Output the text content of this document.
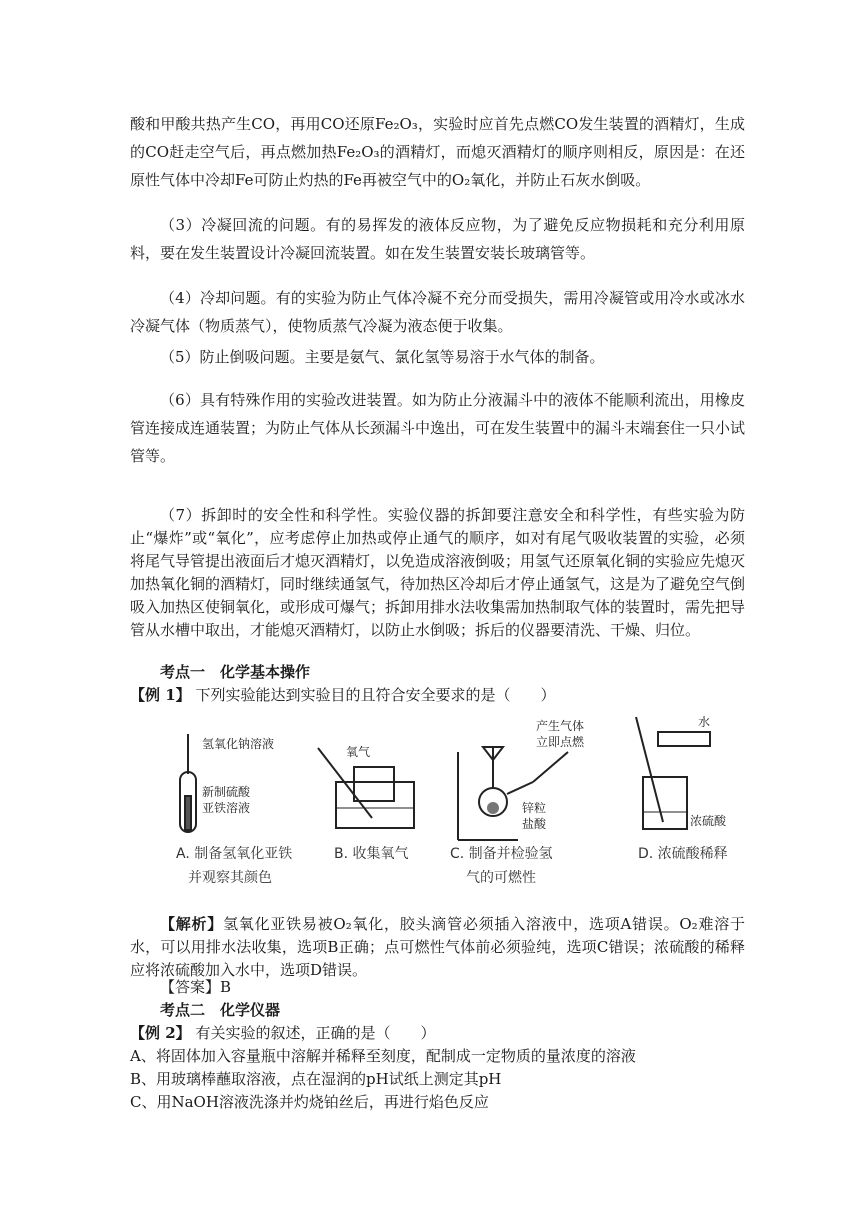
酸和甲酸共热产生CO，再用CO还原Fe₂O₃，实验时应首先点燃CO发生装置的酒精灯，生成的CO赶走空气后，再点燃加热Fe₂O₃的酒精灯，而熄灭酒精灯的顺序则相反，原因是：在还原性气体中冷却Fe可防止灼热的Fe再被空气中的O₂氧化，并防止石灰水倒吸。

（3）冷凝回流的问题。有的易挥发的液体反应物，为了避免反应物损耗和充分利用原料，要在发生装置设计冷凝回流装置。如在发生装置安装长玻璃管等。

（4）冷却问题。有的实验为防止气体冷凝不充分而受损失，需用冷凝管或用冷水或冰水冷凝气体（物质蒸气），使物质蒸气冷凝为液态便于收集。

（5）防止倒吸问题。主要是氨气、氯化氢等易溶于水气体的制备。

（6）具有特殊作用的实验改进装置。如为防止分液漏斗中的液体不能顺利流出，用橡皮管连接成连通装置；为防止气体从长颈漏斗中逸出，可在发生装置中的漏斗末端套住一只小试管等。

（7）拆卸时的安全性和科学性。实验仪器的拆卸要注意安全和科学性，有些实验为防止“爆炸”或“氧化”，应考虑停止加热或停止通气的顺序，如对有尾气吸收装置的实验，必须将尾气导管提出液面后才熄灭酒精灯，以免造成溶液倒吸；用氢气还原氧化铜的实验应先熄灭加热氧化铜的酒精灯，同时继续通氢气，待加热区冷却后才停止通氢气，这是为了避免空气倒吸入加热区使铜氧化，或形成可爆气；拆卸用排水法收集需加热制取气体的装置时，需先把导管从水槽中取出，才能熄灭酒精灯，以防止水倒吸；拆后的仪器要清洗、干燥、归位。

考点一　化学基本操作
【例 1】 下列实验能达到实验目的且符合安全要求的是（　　）
氢氧化钠溶液
新制硫酸
亚铁溶液
A. 制备氢氧化亚铁
并观察其颜色
氧气
B. 收集氧气
产生气体
立即点燃
锌粒
盐酸
C. 制备并检验氢
气的可燃性
水
浓硫酸
D. 浓硫酸稀释

【解析】氢氧化亚铁易被O₂氧化，胶头滴管必须插入溶液中，选项A错误。O₂难溶于水，可以用排水法收集，选项B正确；点可燃性气体前必须验纯，选项C错误；浓硫酸的稀释应将浓硫酸加入水中，选项D错误。

【答案】B
考点二　化学仪器
【例 2】 有关实验的叙述，正确的是（　　）
A、将固体加入容量瓶中溶解并稀释至刻度，配制成一定物质的量浓度的溶液
B、用玻璃棒蘸取溶液，点在湿润的pH试纸上测定其pH
C、用NaOH溶液洗涤并灼烧铂丝后，再进行焰色反应
